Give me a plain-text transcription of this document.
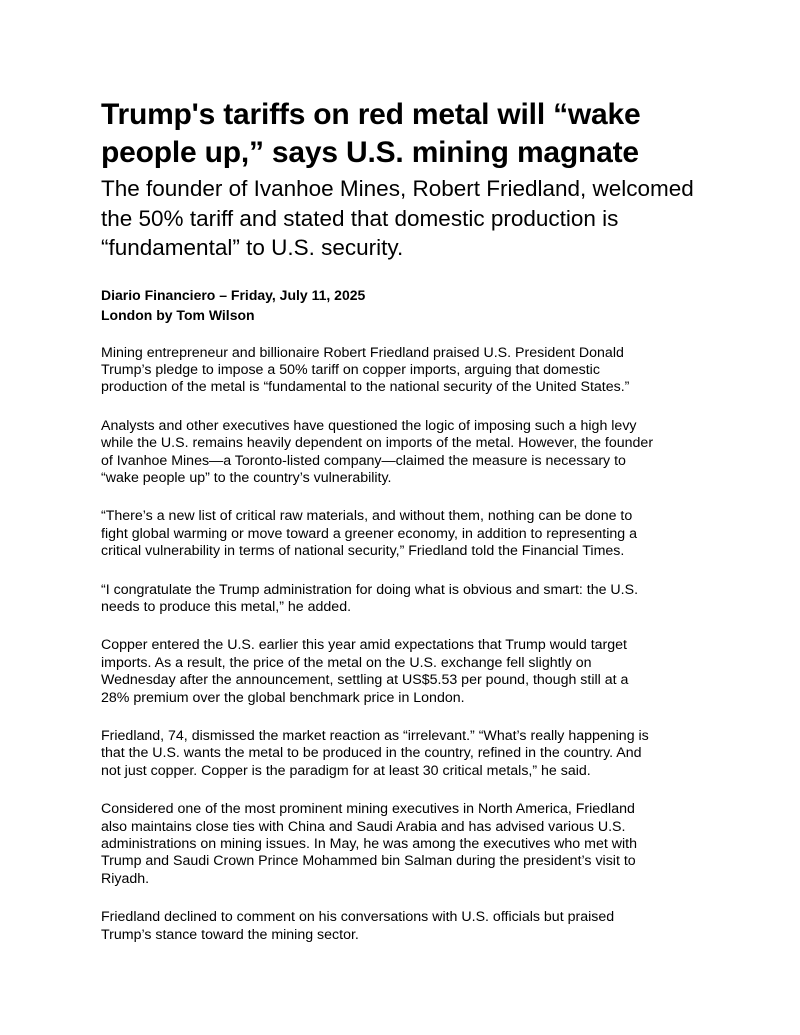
Trump's tariffs on red metal will “wake people up,” says U.S. mining magnate
The founder of Ivanhoe Mines, Robert Friedland, welcomed the 50% tariff and stated that domestic production is “fundamental” to U.S. security.
Diario Financiero – Friday, July 11, 2025
London by Tom Wilson

Mining entrepreneur and billionaire Robert Friedland praised U.S. President Donald
Trump’s pledge to impose a 50% tariff on copper imports, arguing that domestic
production of the metal is “fundamental to the national security of the United States.”

Analysts and other executives have questioned the logic of imposing such a high levy
while the U.S. remains heavily dependent on imports of the metal. However, the founder
of Ivanhoe Mines—a Toronto-listed company—claimed the measure is necessary to
“wake people up” to the country’s vulnerability.

“There’s a new list of critical raw materials, and without them, nothing can be done to
fight global warming or move toward a greener economy, in addition to representing a
critical vulnerability in terms of national security,” Friedland told the Financial Times.

“I congratulate the Trump administration for doing what is obvious and smart: the U.S.
needs to produce this metal,” he added.

Copper entered the U.S. earlier this year amid expectations that Trump would target
imports. As a result, the price of the metal on the U.S. exchange fell slightly on
Wednesday after the announcement, settling at US$5.53 per pound, though still at a
28% premium over the global benchmark price in London.

Friedland, 74, dismissed the market reaction as “irrelevant.” “What’s really happening is
that the U.S. wants the metal to be produced in the country, refined in the country. And
not just copper. Copper is the paradigm for at least 30 critical metals,” he said.

Considered one of the most prominent mining executives in North America, Friedland
also maintains close ties with China and Saudi Arabia and has advised various U.S.
administrations on mining issues. In May, he was among the executives who met with
Trump and Saudi Crown Prince Mohammed bin Salman during the president’s visit to
Riyadh.

Friedland declined to comment on his conversations with U.S. officials but praised
Trump’s stance toward the mining sector.
